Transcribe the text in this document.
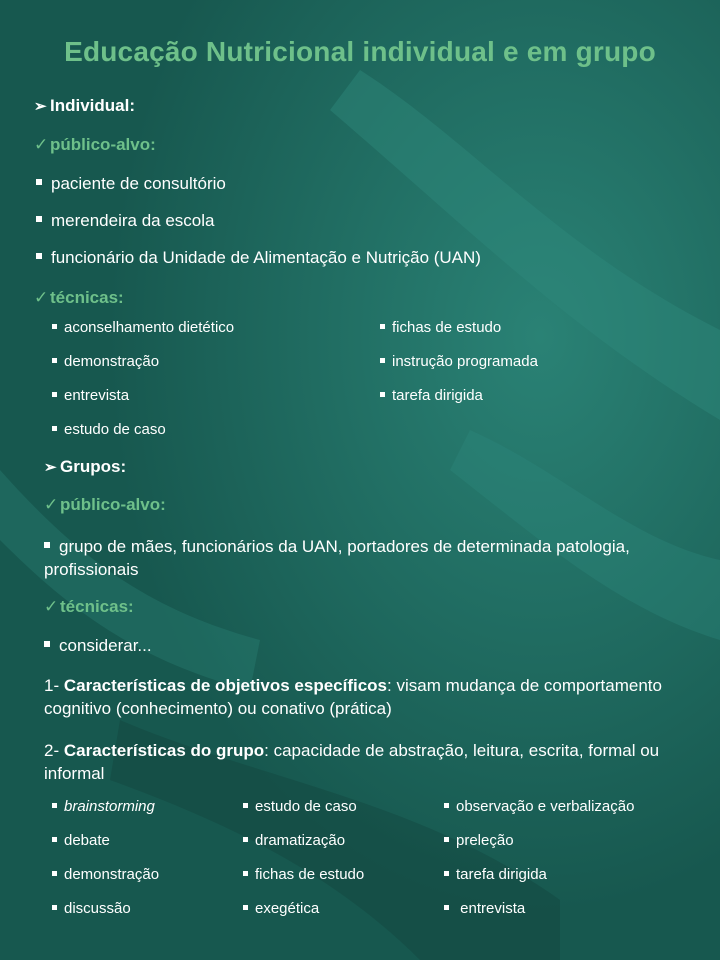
Educação Nutricional individual e em grupo
➢ Individual:
✓ público-alvo:
paciente de consultório
merendeira da escola
funcionário da Unidade de Alimentação e Nutrição (UAN)
✓ técnicas:
aconselhamento dietético
demonstração
entrevista
estudo de caso
fichas de estudo
instrução programada
tarefa dirigida
➢ Grupos:
✓ público-alvo:
grupo de mães, funcionários da UAN, portadores de determinada patologia, profissionais
✓ técnicas:
considerar...
1- Características de objetivos específicos: visam mudança de comportamento cognitivo (conhecimento) ou conativo (prática)
2- Características do grupo: capacidade de abstração, leitura, escrita, formal ou informal
brainstorming
debate
demonstração
discussão
estudo de caso
dramatização
fichas de estudo
exegética
observação e verbalização
preleção
tarefa dirigida
entrevista
